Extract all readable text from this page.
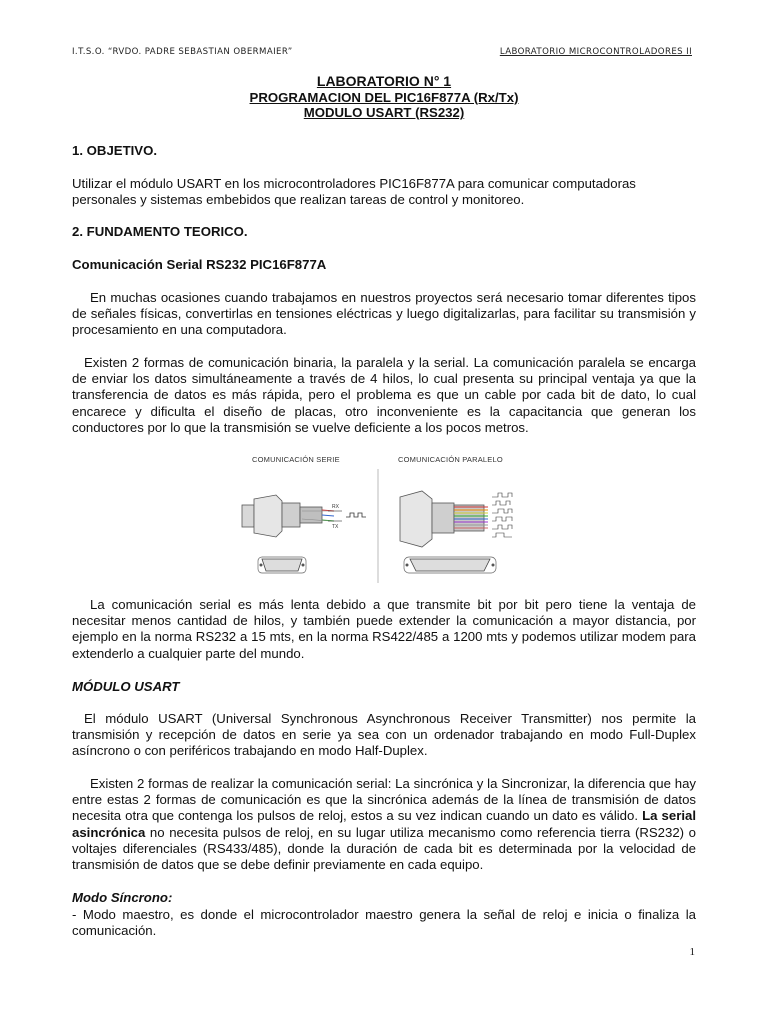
I.T.S.O. “RVDO. PADRE SEBASTIAN OBERMAIER”	LABORATORIO MICROCONTROLADORES II
LABORATORIO N° 1
PROGRAMACION DEL PIC16F877A (Rx/Tx)
MODULO USART (RS232)

1. OBJETIVO.

Utilizar el módulo USART en los microcontroladores PIC16F877A para comunicar computadoras personales y sistemas embebidos que realizan tareas de control y monitoreo.

2. FUNDAMENTO TEORICO.

Comunicación Serial RS232 PIC16F877A

En muchas ocasiones cuando trabajamos en nuestros proyectos será necesario tomar diferentes tipos de señales físicas, convertirlas en tensiones eléctricas y luego digitalizarlas, para facilitar su transmisión y procesamiento en una computadora.

Existen 2 formas de comunicación binaria, la paralela y la serial. La comunicación paralela se encarga de enviar los datos simultáneamente a través de 4 hilos, lo cual presenta su principal ventaja ya que la transferencia de datos es más rápida, pero el problema es que un cable por cada bit de dato, lo cual encarece y dificulta el diseño de placas, otro inconveniente es la capacitancia que generan los conductores por lo que la transmisión se vuelve deficiente a los pocos metros.

COMUNICACIÓN SERIE	COMUNICACIÓN PARALELO
RX
TX

La comunicación serial es más lenta debido a que transmite bit por bit pero tiene la ventaja de necesitar menos cantidad de hilos, y también puede extender la comunicación a mayor distancia, por ejemplo en la norma RS232 a 15 mts, en la norma RS422/485 a 1200 mts y podemos utilizar modem para extenderlo a cualquier parte del mundo.

MÓDULO USART

El módulo USART (Universal Synchronous Asynchronous Receiver Transmitter) nos permite la transmisión y recepción de datos en serie ya sea con un ordenador trabajando en modo Full-Duplex asíncrono o con periféricos trabajando en modo Half-Duplex.

Existen 2 formas de realizar la comunicación serial: La sincrónica y la Sincronizar, la diferencia que hay entre estas 2 formas de comunicación es que la sincrónica además de la línea de transmisión de datos necesita otra que contenga los pulsos de reloj, estos a su vez indican cuando un dato es válido. La serial asincrónica no necesita pulsos de reloj, en su lugar utiliza mecanismo como referencia tierra (RS232) o voltajes diferenciales (RS433/485), donde la duración de cada bit es determinada por la velocidad de transmisión de datos que se debe definir previamente en cada equipo.

Modo Síncrono:

- Modo maestro, es donde el microcontrolador maestro genera la señal de reloj e inicia o finaliza la comunicación.

1
